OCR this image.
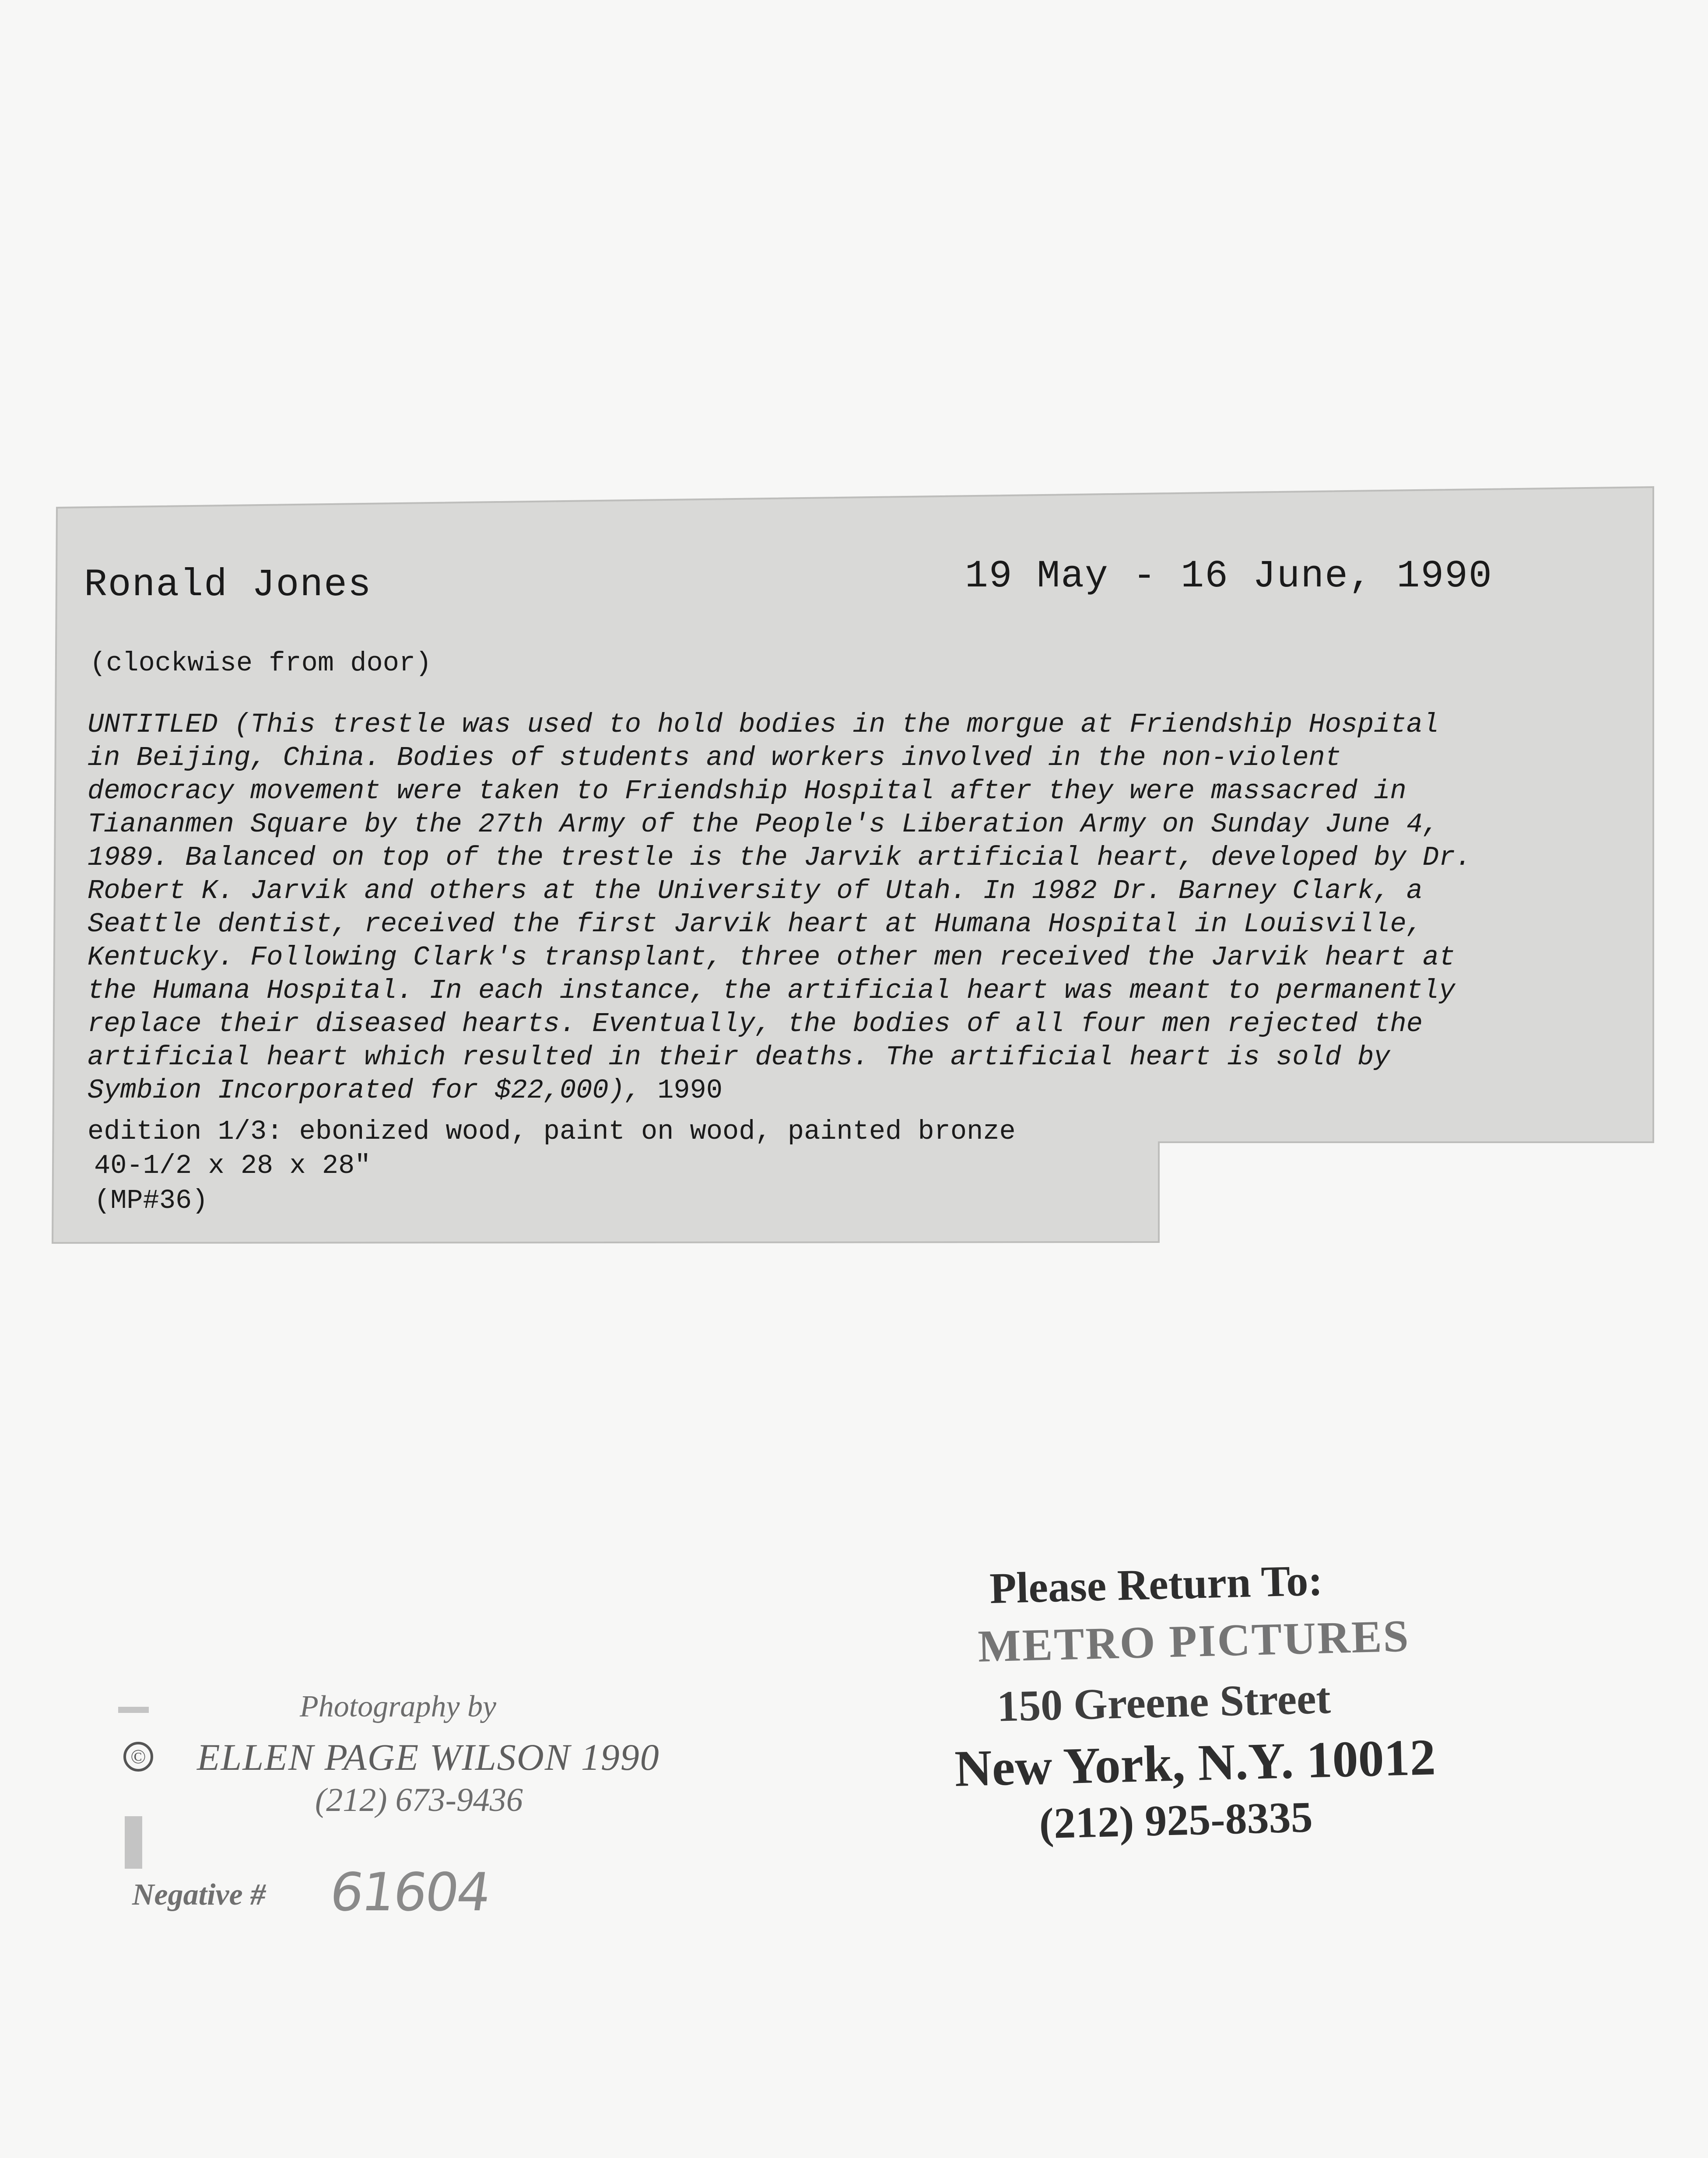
Ronald Jones	19 May - 16 June, 1990
(clockwise from door)
UNTITLED (This trestle was used to hold bodies in the morgue at Friendship Hospital
in Beijing, China. Bodies of students and workers involved in the non-violent
democracy movement were taken to Friendship Hospital after they were massacred in
Tiananmen Square by the 27th Army of the People's Liberation Army on Sunday June 4,
1989. Balanced on top of the trestle is the Jarvik artificial heart, developed by Dr.
Robert K. Jarvik and others at the University of Utah. In 1982 Dr. Barney Clark, a
Seattle dentist, received the first Jarvik heart at Humana Hospital in Louisville,
Kentucky. Following Clark's transplant, three other men received the Jarvik heart at
the Humana Hospital. In each instance, the artificial heart was meant to permanently
replace their diseased hearts. Eventually, the bodies of all four men rejected the
artificial heart which resulted in their deaths. The artificial heart is sold by
Symbion Incorporated for $22,000), 1990
edition 1/3: ebonized wood, paint on wood, painted bronze
40-1/2 x 28 x 28"
(MP#36)
Photography by
© ELLEN PAGE WILSON 1990
(212) 673-9436
Negative # 61604
Please Return To:
METRO PICTURES
150 Greene Street
New York, N.Y. 10012
(212) 925-8335
